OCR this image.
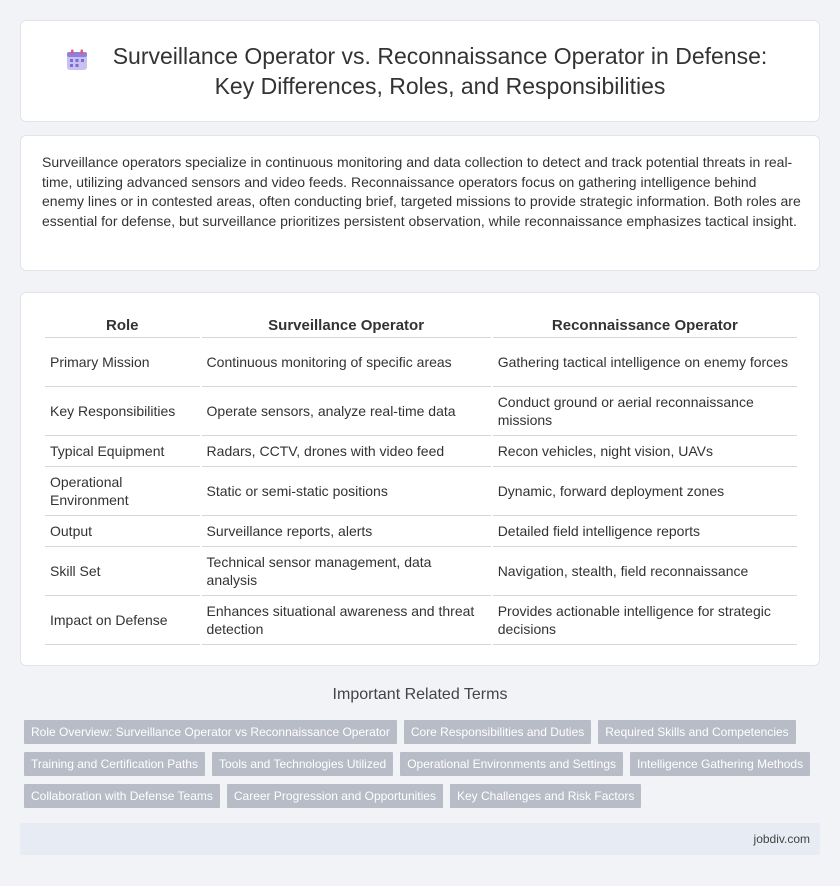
Surveillance Operator vs. Reconnaissance Operator in Defense: Key Differences, Roles, and Responsibilities

Surveillance operators specialize in continuous monitoring and data collection to detect and track potential threats in real-time, utilizing advanced sensors and video feeds. Reconnaissance operators focus on gathering intelligence behind enemy lines or in contested areas, often conducting brief, targeted missions to provide strategic information. Both roles are essential for defense, but surveillance prioritizes persistent observation, while reconnaissance emphasizes tactical insight.

Role	Surveillance Operator	Reconnaissance Operator
Primary Mission	Continuous monitoring of specific areas	Gathering tactical intelligence on enemy forces
Key Responsibilities	Operate sensors, analyze real-time data	Conduct ground or aerial reconnaissance missions
Typical Equipment	Radars, CCTV, drones with video feed	Recon vehicles, night vision, UAVs
Operational Environment	Static or semi-static positions	Dynamic, forward deployment zones
Output	Surveillance reports, alerts	Detailed field intelligence reports
Skill Set	Technical sensor management, data analysis	Navigation, stealth, field reconnaissance
Impact on Defense	Enhances situational awareness and threat detection	Provides actionable intelligence for strategic decisions
Important Related Terms
Role Overview: Surveillance Operator vs Reconnaissance Operator	Core Responsibilities and Duties	Required Skills and Competencies
Training and Certification Paths	Tools and Technologies Utilized	Operational Environments and Settings	Intelligence Gathering Methods
Collaboration with Defense Teams	Career Progression and Opportunities	Key Challenges and Risk Factors
jobdiv.com
